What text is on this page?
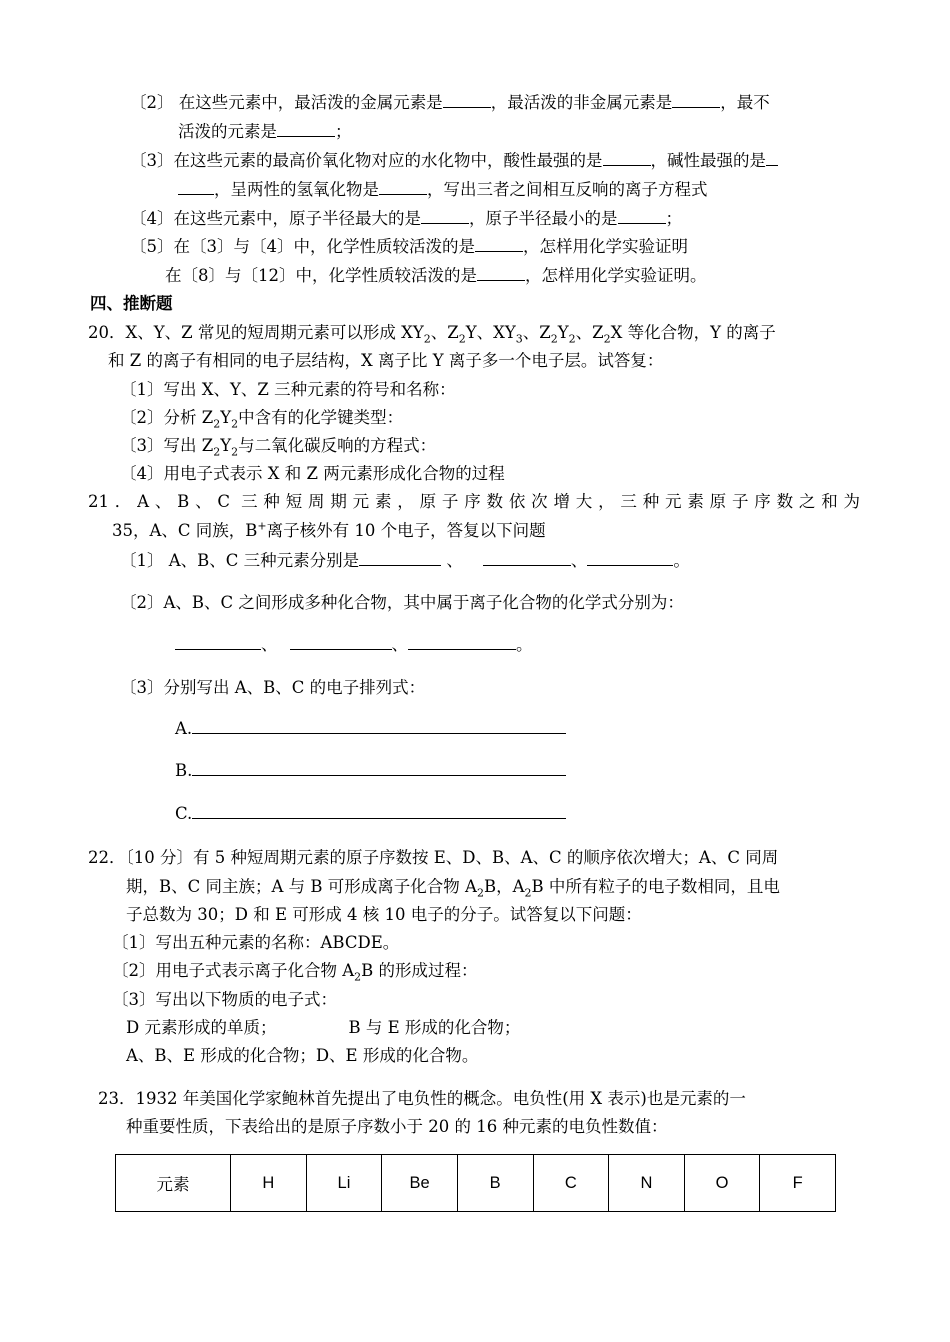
〔2〕 在这些元素中，最活泼的金属元素是	，最活泼的非金属元素是	，最不
活泼的元素是	；
〔3〕在这些元素的最高价氧化物对应的水化物中，酸性最强的是	，碱性最强的是
，呈两性的氢氧化物是	，写出三者之间相互反响的离子方程式
〔4〕在这些元素中，原子半径最大的是	，原子半径最小的是	；
〔5〕在〔3〕与〔4〕中，化学性质较活泼的是	，怎样用化学实验证明
在〔8〕与〔12〕中，化学性质较活泼的是	，怎样用化学实验证明。
四、推断题
20．X、Y、Z 常见的短周期元素可以形成 $XY_2$、$Z_2Y$、$XY_3$、$Z_2Y_2$、$Z_2X$ 等化合物，Y 的离子
和 Z 的离子有相同的电子层结构，X 离子比 Y 离子多一个电子层。试答复：
〔1〕写出 X、Y、Z 三种元素的符号和名称：
〔2〕分析 $Z_2Y_2$中含有的化学键类型：
〔3〕写出 $Z_2Y_2$与二氧化碳反响的方程式：
〔4〕用电子式表示 X 和 Z 两元素形成化合物的过程
21．A、B、C 三种短周期元素，原子序数依次增大，三种元素原子序数之和为
35，A、C 同族，B+离子核外有 10 个电子，答复以下问题
〔1〕 A、B、C 三种元素分别是	、	、	。
〔2〕A、B、C 之间形成多种化合物，其中属于离子化合物的化学式分别为：
、	、	。
〔3〕分别写出 A、B、C 的电子排列式：
A.
B.
C.
22．〔10 分〕有 5 种短周期元素的原子序数按 E、D、B、A、C 的顺序依次增大；A、C 同周
期，B、C 同主族；A 与 B 可形成离子化合物 $A_2B$，$A_2B$ 中所有粒子的电子数相同，且电
子总数为 30；D 和 E 可形成 4 核 10 电子的分子。试答复以下问题：
〔1〕写出五种元素的名称：ABCDE。
〔2〕用电子式表示离子化合物 $A_2B$ 的形成过程：
〔3〕写出以下物质的电子式：
D 元素形成的单质；	B 与 E 形成的化合物；
A、B、E 形成的化合物；D、E 形成的化合物。
23．1932 年美国化学家鲍林首先提出了电负性的概念。电负性(用 X 表示)也是元素的一
种重要性质，下表给出的是原子序数小于 20 的 16 种元素的电负性数值：
元素	H	Li	Be	B	C	N	O	F
